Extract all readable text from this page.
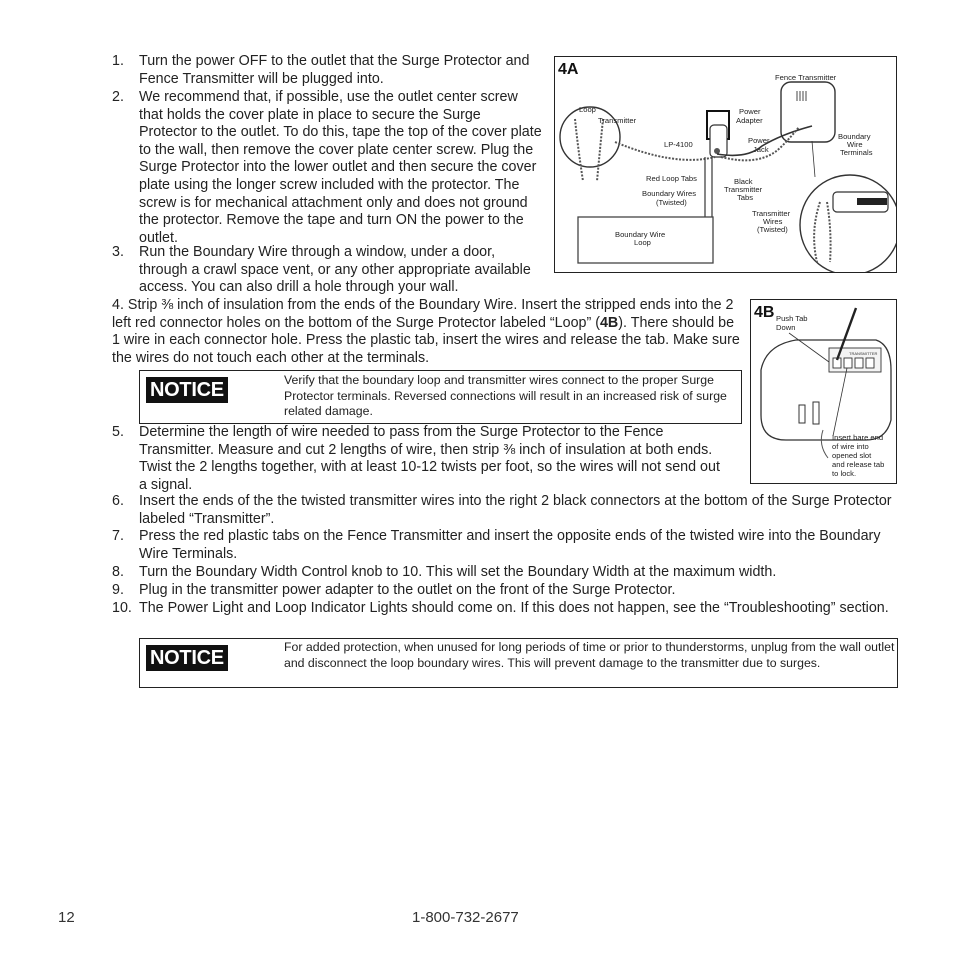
1. Turn the power OFF to the outlet that the Surge Protector and Fence Transmitter will be plugged into.
2. We recommend that, if possible, use the outlet center screw that holds the cover plate in place to secure the Surge Protector to the outlet. To do this, tape the top of the cover plate to the wall, then remove the cover plate center screw. Plug the Surge Protector into the lower outlet and then secure the cover plate using the longer screw included with the protector. The screw is for mechanical attachment only and does not ground the protector. Remove the tape and turn ON the power to the outlet.
3. Run the Boundary Wire through a window, under a door, through a crawl space vent, or any other appropriate available access. You can also drill a hole through your wall.
4. Strip ⅜ inch of insulation from the ends of the Boundary Wire. Insert the stripped ends into the 2 left red connector holes on the bottom of the Surge Protector labeled “Loop” (4B). There should be 1 wire in each connector hole. Press the plastic tab, insert the wires and release the tab. Make sure the wires do not touch each other at the terminals.
NOTICE	Verify that the boundary loop and transmitter wires connect to the proper Surge Protector terminals. Reversed connections will result in an increased risk of surge related damage.
5. Determine the length of wire needed to pass from the Surge Protector to the Fence Transmitter. Measure and cut 2 lengths of wire, then strip ⅜ inch of insulation at both ends. Twist the 2 lengths together, with at least 10-12 twists per foot, so the wires will not send out a signal.
6. Insert the ends of the the twisted transmitter wires into the right 2 black connectors at the bottom of the Surge Protector labeled “Transmitter”.
7. Press the red plastic tabs on the Fence Transmitter and insert the opposite ends of the twisted wire into the Boundary Wire Terminals.
8. Turn the Boundary Width Control knob to 10. This will set the Boundary Width at the maximum width.
9. Plug in the transmitter power adapter to the outlet on the front of the Surge Protector.
10. The Power Light and Loop Indicator Lights should come on. If this does not happen, see the “Troubleshooting” section.
NOTICE	For added protection, when unused for long periods of time or prior to thunderstorms, unplug from the wall outlet and disconnect the loop boundary wires. This will prevent damage to the transmitter due to surges.
4A	Fence Transmitter
Loop
Transmitter
LP-4100
Power
Adapter
Power
Jack
Boundary
Wire
Terminals
Red Loop Tabs	Black
Transmitter
Tabs
Boundary Wires
(Twisted)
Boundary Wire
Loop
Transmitter
Wires
(Twisted)
4B Push Tab
Down
TRANSMITTER
Insert bare end
of wire into
opened slot
and release tab
to lock.
12	1-800-732-2677
